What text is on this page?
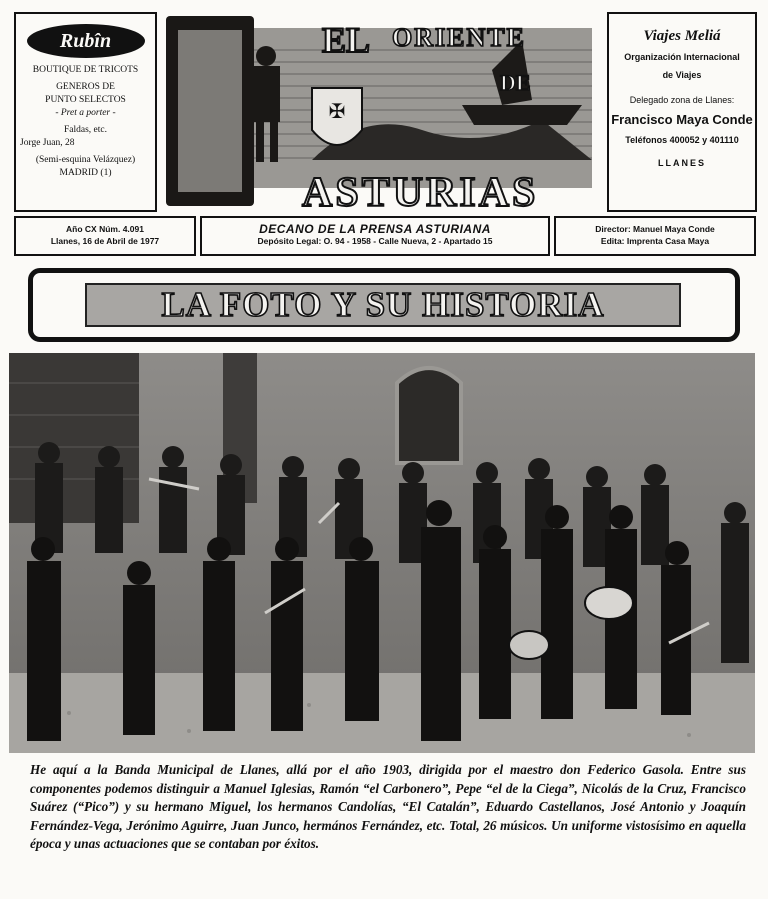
Rubîn
BOUTIQUE DE TRICOTS
GENEROS DE
PUNTO SELECTOS
- Pret a porter -
Faldas, etc.
Jorge Juan, 28
(Semi-esquina Velázquez)
MADRID (1)
✠
EL ORIENTE
DE
ASTURIAS
Viajes Meliá
Organización Internacional
de Viajes
Delegado zona de Llanes:
Francisco Maya Conde
Teléfonos 400052 y 401110
LLANES
Año CX Núm. 4.091
Llanes, 16 de Abril de 1977
DECANO DE LA PRENSA ASTURIANA
Depósito Legal: O. 94 - 1958 - Calle Nueva, 2 - Apartado 15
Director: Manuel Maya Conde
Edita: Imprenta Casa Maya
LA FOTO Y SU HISTORIA
He aquí a la Banda Municipal de Llanes, allá por el año 1903, dirigida por el maestro don Federico Gasola. Entre sus componentes podemos distinguir a Manuel Iglesias, Ramón “el Carbonero”, Pepe “el de la Ciega”, Nicolás de la Cruz, Francisco Suárez (“Pico”) y su hermano Miguel, los hermanos Candolías, “El Catalán”, Eduardo Castellanos, José Antonio y Joaquín Fernández-Vega, Jerónimo Aguirre, Juan Junco, hermános Fernández, etc. Total, 26 músicos. Un uniforme vistosísimo en aquella época y unas actuaciones que se contaban por éxitos.
